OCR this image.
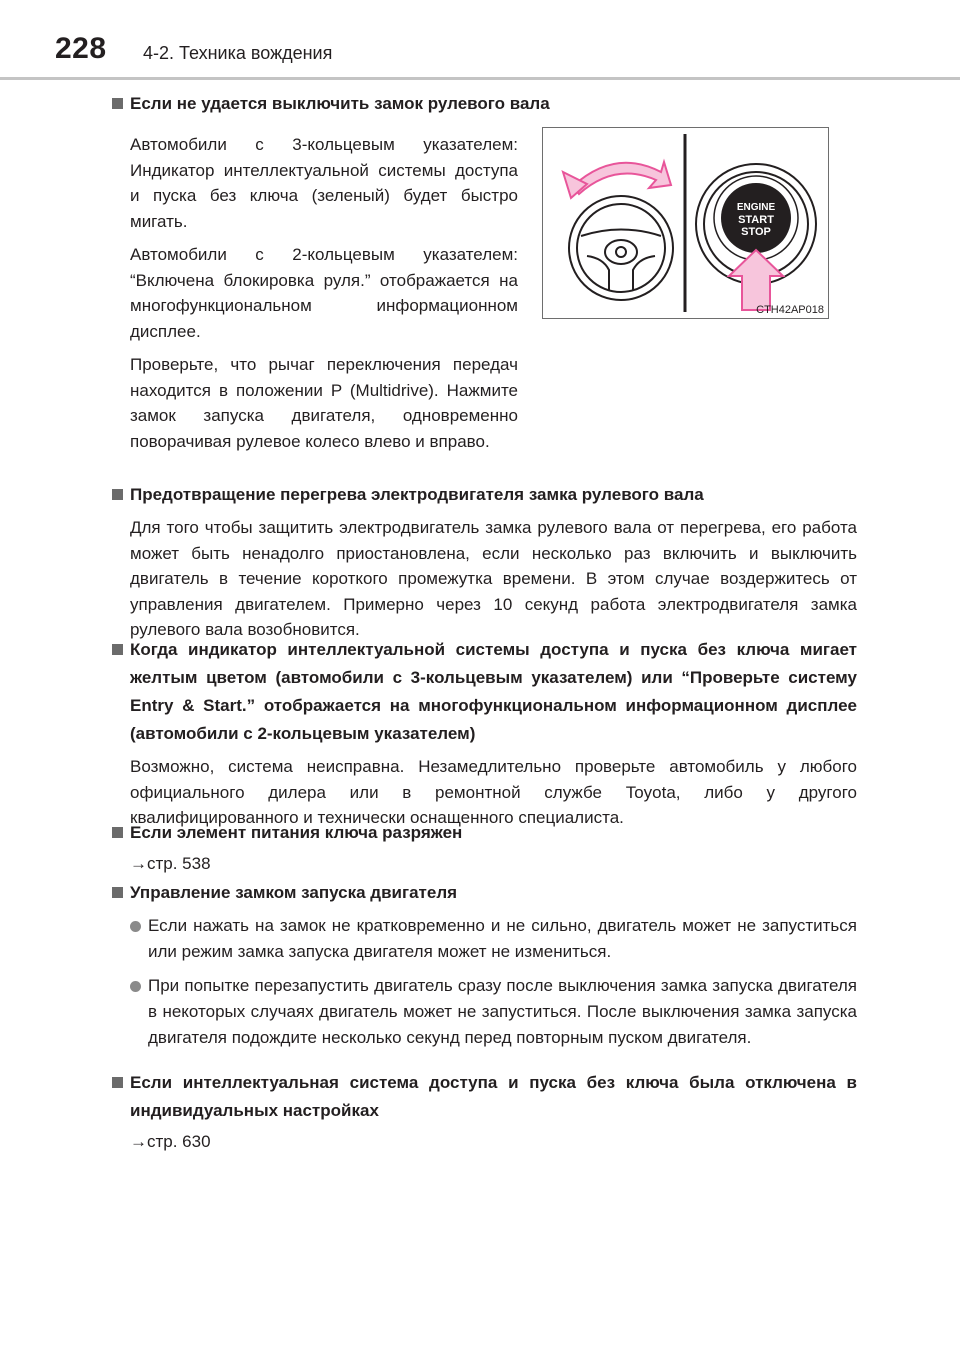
228 4-2. Техника вождения
Если не удается выключить замок рулевого вала
Автомобили с 3-кольцевым указателем: Индикатор интеллектуальной системы доступа и пуска без ключа (зеленый) будет быстро мигать.
Автомобили с 2-кольцевым указателем: “Включена блокировка руля.” отображается на многофункциональном информационном дисплее.
Проверьте, что рычаг переключения передач находится в положении P (Multidrive). Нажмите замок запуска двигателя, одновременно поворачивая рулевое колесо влево и вправо.
ENGINE
START
STOP
CTH42AP018
Предотвращение перегрева электродвигателя замка рулевого вала
Для того чтобы защитить электродвигатель замка рулевого вала от перегрева, его работа может быть ненадолго приостановлена, если несколько раз включить и выключить двигатель в течение короткого промежутка времени. В этом случае воздержитесь от управления двигателем. Примерно через 10 секунд работа электродвигателя замка рулевого вала возобновится.
Когда индикатор интеллектуальной системы доступа и пуска без ключа мигает желтым цветом (автомобили с 3-кольцевым указателем) или “Проверьте систему Entry & Start.” отображается на многофункциональном информационном дисплее (автомобили с 2-кольцевым указателем)
Возможно, система неисправна. Незамедлительно проверьте автомобиль у любого официального дилера или в ремонтной службе Toyota, либо у другого квалифицированного и технически оснащенного специалиста.
Если элемент питания ключа разряжен
→стр. 538
Управление замком запуска двигателя
Если нажать на замок не кратковременно и не сильно, двигатель может не запуститься или режим замка запуска двигателя может не измениться.
При попытке перезапустить двигатель сразу после выключения замка запуска двигателя в некоторых случаях двигатель может не запуститься. После выключения замка запуска двигателя подождите несколько секунд перед повторным пуском двигателя.
Если интеллектуальная система доступа и пуска без ключа была отключена в индивидуальных настройках
→стр. 630
